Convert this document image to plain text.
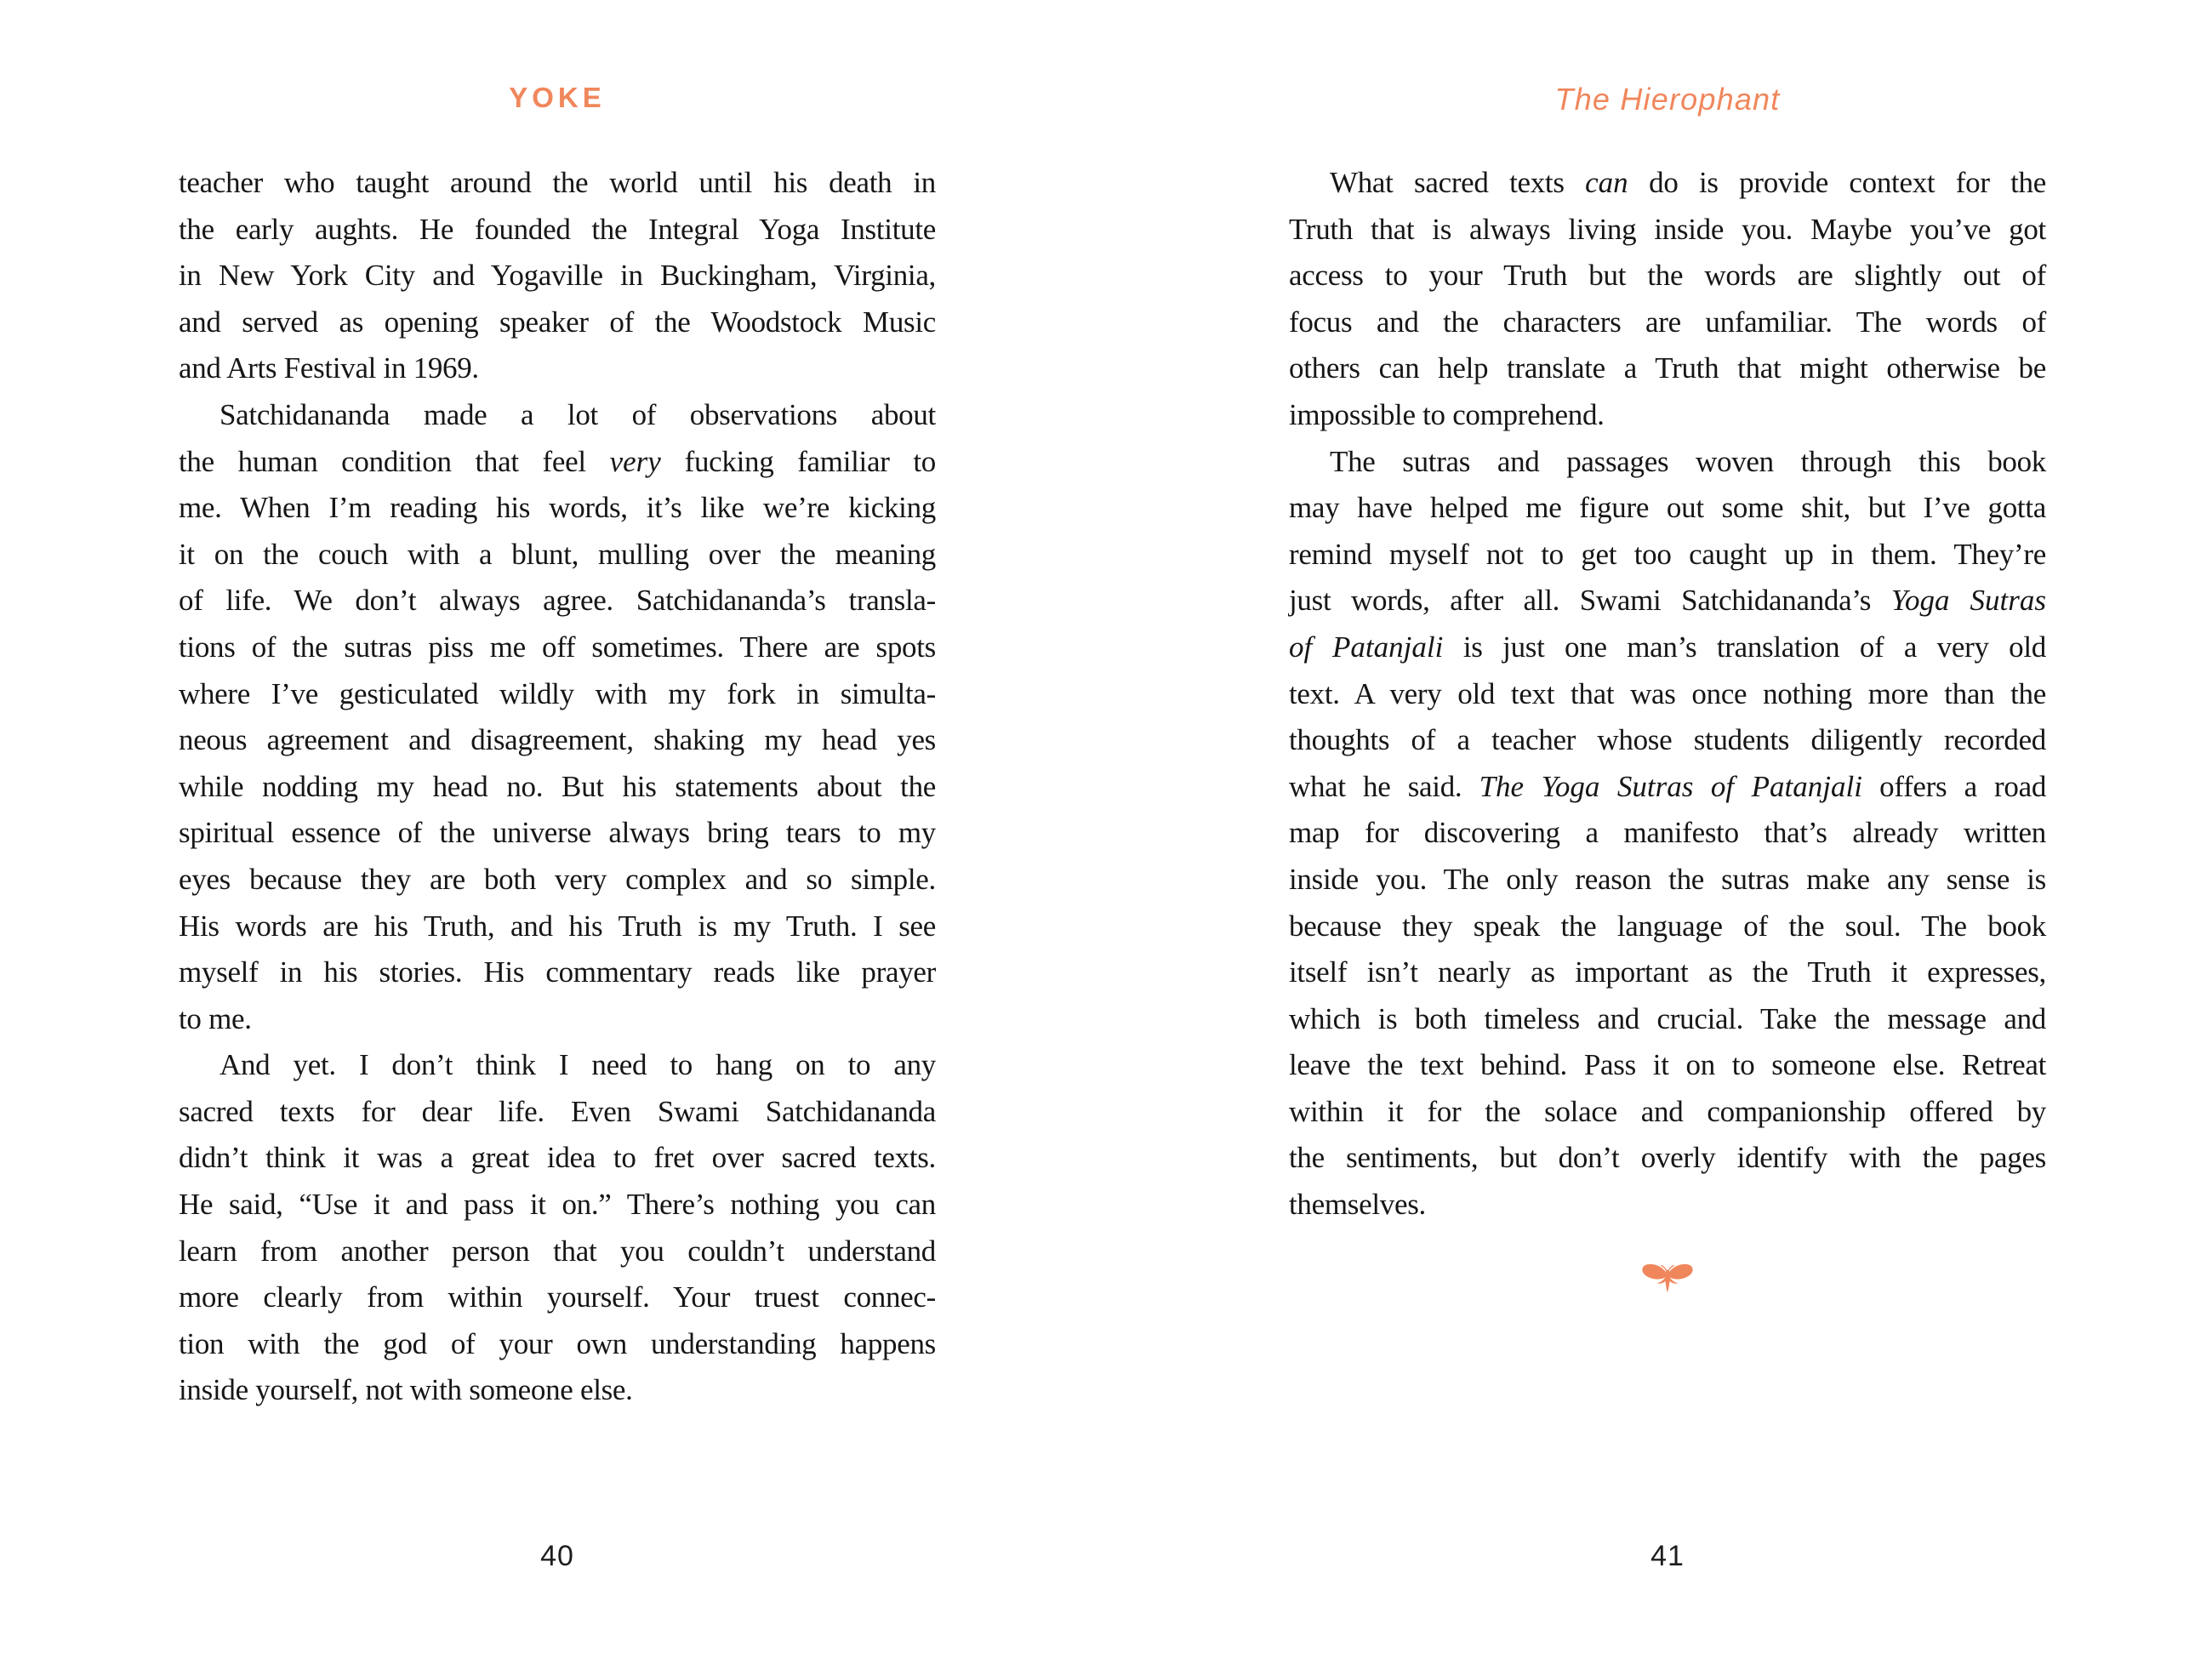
YOKE
teacher who taught around the world until his death in
the early aughts. He founded the Integral Yoga Institute
in New York City and Yogaville in Buckingham, Virginia,
and served as opening speaker of the Woodstock Music
and Arts Festival in 1969.
Satchidananda made a lot of observations about
the human condition that feel very fucking familiar to
me. When I’m reading his words, it’s like we’re kicking
it on the couch with a blunt, mulling over the meaning
of life. We don’t always agree. Satchidananda’s transla-
tions of the sutras piss me off sometimes. There are spots
where I’ve gesticulated wildly with my fork in simulta-
neous agreement and disagreement, shaking my head yes
while nodding my head no. But his statements about the
spiritual essence of the universe always bring tears to my
eyes because they are both very complex and so simple.
His words are his Truth, and his Truth is my Truth. I see
myself in his stories. His commentary reads like prayer
to me.
And yet. I don’t think I need to hang on to any
sacred texts for dear life. Even Swami Satchidananda
didn’t think it was a great idea to fret over sacred texts.
He said, “Use it and pass it on.” There’s nothing you can
learn from another person that you couldn’t understand
more clearly from within yourself. Your truest connec-
tion with the god of your own understanding happens
inside yourself, not with someone else.
40
The Hierophant
What sacred texts can do is provide context for the
Truth that is always living inside you. Maybe you’ve got
access to your Truth but the words are slightly out of
focus and the characters are unfamiliar. The words of
others can help translate a Truth that might otherwise be
impossible to comprehend.
The sutras and passages woven through this book
may have helped me figure out some shit, but I’ve gotta
remind myself not to get too caught up in them. They’re
just words, after all. Swami Satchidananda’s Yoga Sutras
of Patanjali is just one man’s translation of a very old
text. A very old text that was once nothing more than the
thoughts of a teacher whose students diligently recorded
what he said. The Yoga Sutras of Patanjali offers a road
map for discovering a manifesto that’s already written
inside you. The only reason the sutras make any sense is
because they speak the language of the soul. The book
itself isn’t nearly as important as the Truth it expresses,
which is both timeless and crucial. Take the message and
leave the text behind. Pass it on to someone else. Retreat
within it for the solace and companionship offered by
the sentiments, but don’t overly identify with the pages
themselves.
41
